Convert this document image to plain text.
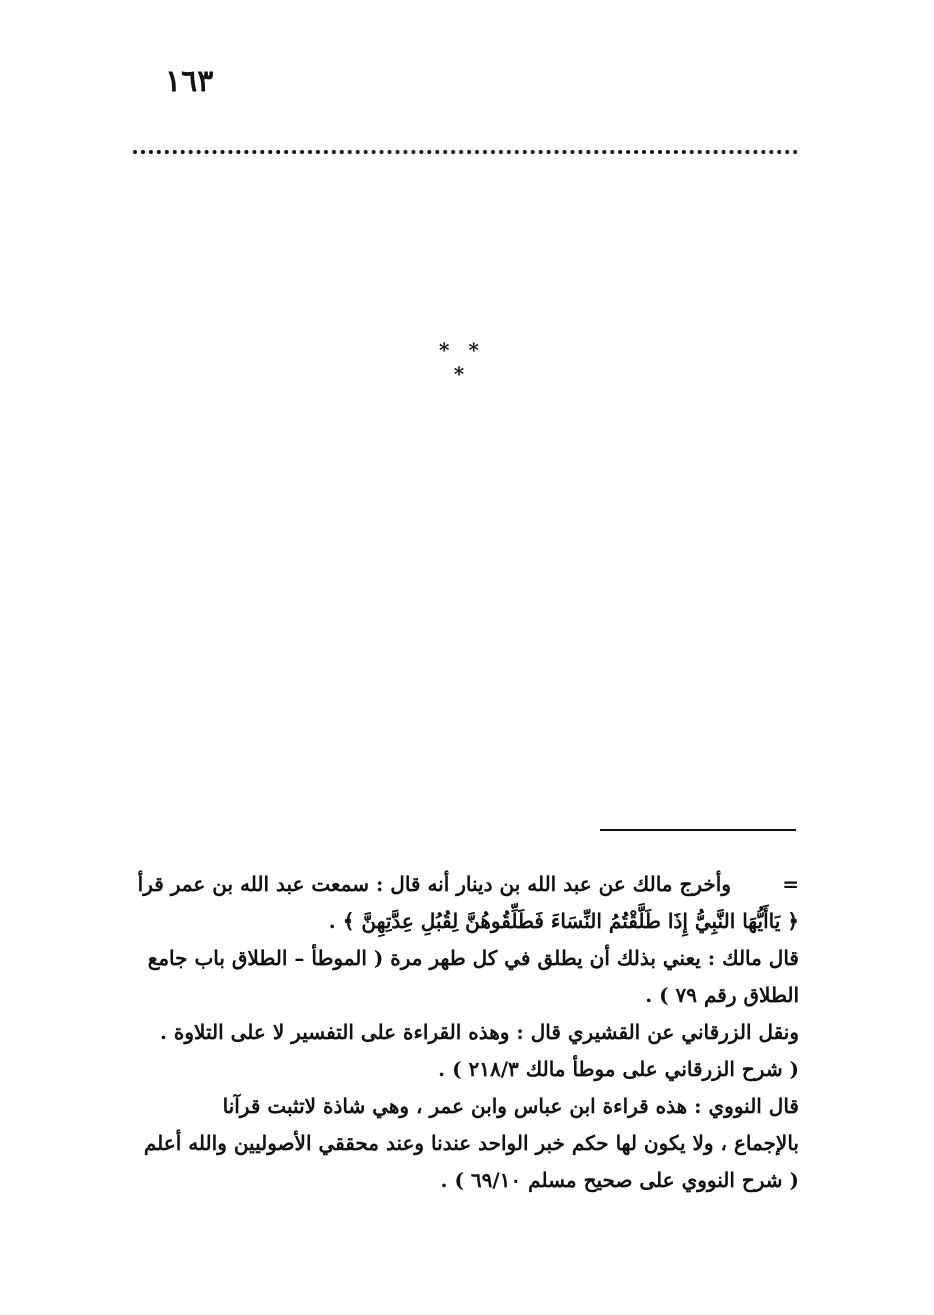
١٦٣
* * *

=وأخرج مالك عن عبد الله بن دينار أنه قال : سمعت عبد الله بن عمر قرأ

﴿ يَاأَيُّهَا النَّبِيُّ إِذَا طَلَّقْتُمُ النِّسَاءَ فَطَلِّقُوهُنَّ لِقُبُلِ عِدَّتِهِنَّ ﴾ .

قال مالك : يعني بذلك أن يطلق في كل طهر مرة ( الموطأ – الطلاق باب جامع

الطلاق رقم ٧٩ ) .

ونقل الزرقاني عن القشيري قال : وهذه القراءة على التفسير لا على التلاوة .

( شرح الزرقاني على موطأ مالك ٢١٨/٣ ) .

قال النووي : هذه قراءة ابن عباس وابن عمر ، وهي شاذة لاتثبت قرآنا

بالإجماع ، ولا يكون لها حكم خبر الواحد عندنا وعند محققي الأصوليين والله أعلم

( شرح النووي على صحيح مسلم ٦٩/١٠ ) .
